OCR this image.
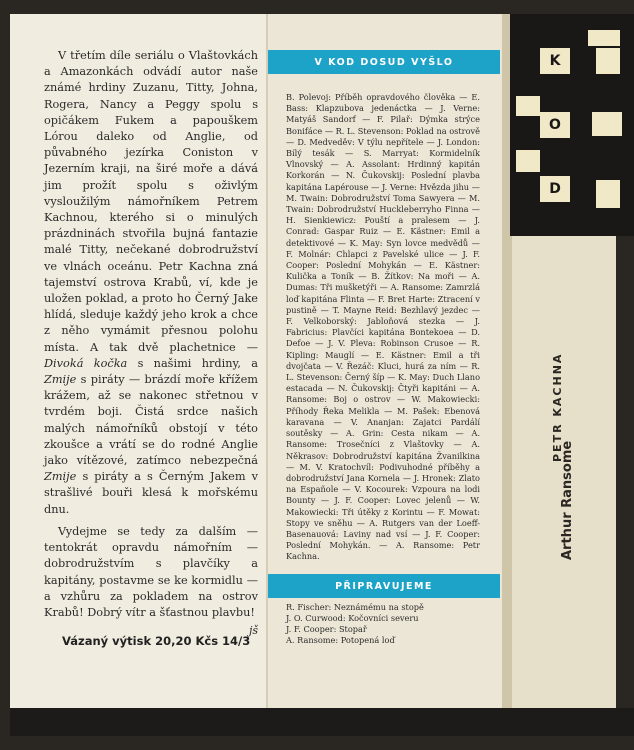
V třetím díle seriálu o Vlaštovkách a Amazonkách odvádí autor naše známé hrdiny Zuzanu, Titty, Johna, Rogera, Nancy a Peggy spolu s opičákem Fukem a papouškem Lórou daleko od Anglie, od půvabného jezírka Coniston v Jezerním kraji, na širé moře a dává jim prožít spolu s oživlým vysloužilým námořníkem Petrem Kachnou, kterého si o minulých prázdninách stvořila bujná fantazie malé Titty, nečekané dobrodružství ve vlnách oceánu. Petr Kachna zná tajemství ostrova Krabů, ví, kde je uložen poklad, a proto ho Černý Jake hlídá, sleduje každý jeho krok a chce z něho vymámit přesnou polohu místa. A tak dvě plachetnice — Divoká kočka s našimi hrdiny, a Zmije s piráty — brázdí moře křížem krážem, až se nakonec střetnou v tvrdém boji. Čistá srdce našich malých námořníků obstojí v této zkoušce a vrátí se do rodné Anglie jako vítězové, zatímco nebezpečná Zmije s piráty a s Černým Jakem v strašlivé bouři klesá k mořskému dnu.

Vydejme se tedy za dalším — tentokrát opravdu námořním — dobrodružstvím s plavčíky a kapitány, postavme se ke kormidlu — a vzhůru za pokladem na ostrov Krabů! Dobrý vítr a šťastnou plavbu!

jš
Vázaný výtisk 20,20 Kčs 14/3
V KOD DOSUD VYŠLO

B. Polevoj: Příběh opravdového člověka — E. Bass: Klapzubova jedenáctka — J. Verne: Matyáš Sandorf — F. Pilař: Dýmka strýce Bonifáce — R. L. Stevenson: Poklad na ostrově — D. Medveděv: V týlu nepřítele — J. London: Bílý tesák — S. Marryat: Kormidelník Vlnovský — A. Assolant: Hrdinný kapitán Korkorán — N. Čukovskij: Poslední plavba kapitána Lapérouse — J. Verne: Hvězda jihu — M. Twain: Dobrodružství Toma Sawyera — M. Twain: Dobrodružství Huckleberryho Finna — H. Sienkiewicz: Pouští a pralesem — J. Conrad: Gaspar Ruiz — E. Kästner: Emil a detektivové — K. May: Syn lovce medvědů — F. Molnár: Chlapci z Pavelské ulice — J. F. Cooper: Poslední Mohykán — E. Kästner: Kulička a Toník — B. Žítkov: Na moři — A. Dumas: Tři mušketýři — A. Ransome: Zamrzlá loď kapitána Flinta — F. Bret Harte: Ztracení v pustině — T. Mayne Reid: Bezhlavý jezdec — F. Velkoborský: Jabloňová stezka — J. Fabricius: Plavčíci kapitána Bontekoea — D. Defoe — J. V. Pleva: Robinson Crusoe — R. Kipling: Mauglí — E. Kästner: Emil a tři dvojčata — V. Řezáč: Kluci, hurá za ním — R. L. Stevenson: Černý šíp — K. May: Duch Llano estacada — N. Čukovskij: Čtyři kapitáni — A. Ransome: Boj o ostrov — W. Makowiecki: Příhody Řeka Melikla — M. Pašek: Ebenová karavana — V. Ananjan: Zajatci Pardálí soutěsky — A. Grin: Cesta nikam — A. Ransome: Trosečníci z Vlaštovky — A. Někrasov: Dobrodružství kapitána Žvanilkina — M. V. Kratochvíl: Podivuhodné příběhy a dobrodružství Jana Kornela — J. Hronek: Zlato na Españole — V. Kocourek: Vzpoura na lodi Bounty — J. F. Cooper: Lovec jelenů — W. Makowiecki: Tři útěky z Korintu — F. Mowat: Stopy ve sněhu — A. Rutgers van der Loeff-Basenauová: Laviny nad vsí — J. F. Cooper: Poslední Mohykán. — A. Ransome: Petr Kachna.

PŘIPRAVUJEME
R. Fischer: Neznámému na stopě
J. O. Curwood: Kočovníci severu
J. F. Cooper: Stopař
A. Ransome: Potopená loď
K
O
D
PETR KACHNA
Arthur Ransome
